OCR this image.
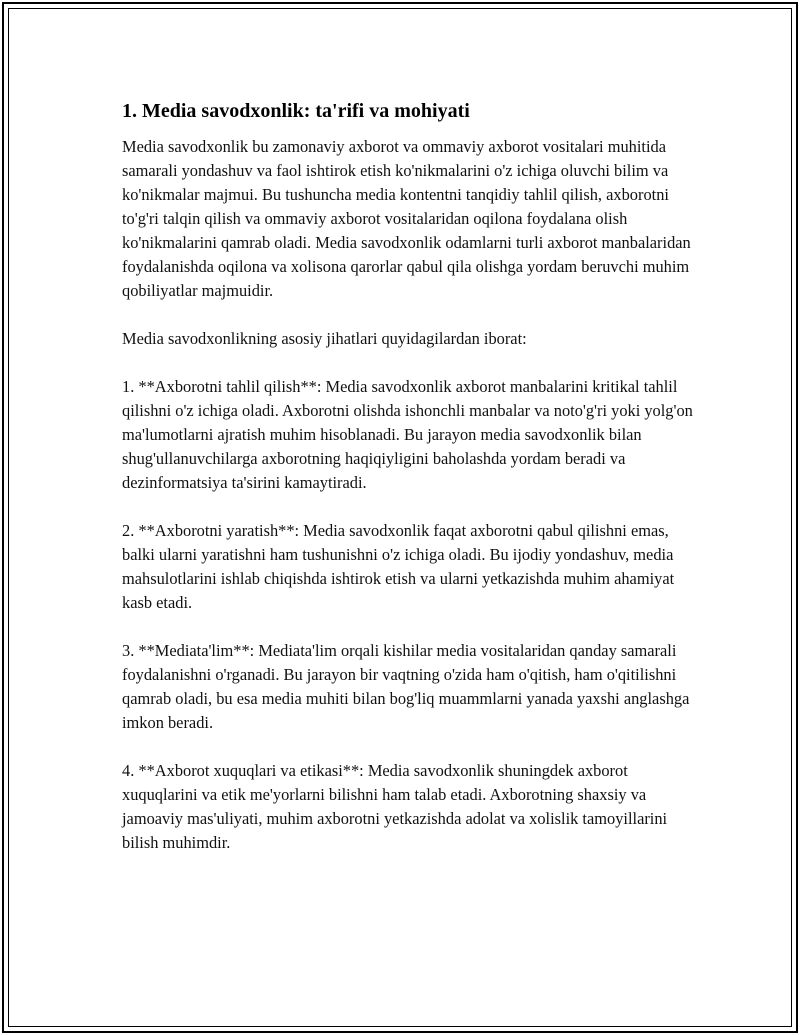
1. Media savodxonlik: ta'rifi va mohiyati

Media savodxonlik bu zamonaviy axborot va ommaviy axborot vositalari muhitida samarali yondashuv va faol ishtirok etish ko'nikmalarini o'z ichiga oluvchi bilim va ko'nikmalar majmui. Bu tushuncha media kontentni tanqidiy tahlil qilish, axborotni to'g'ri talqin qilish va ommaviy axborot vositalaridan oqilona foydalana olish ko'nikmalarini qamrab oladi. Media savodxonlik odamlarni turli axborot manbalaridan foydalanishda oqilona va xolisona qarorlar qabul qila olishga yordam beruvchi muhim qobiliyatlar majmuidir.

Media savodxonlikning asosiy jihatlari quyidagilardan iborat:

1. **Axborotni tahlil qilish**: Media savodxonlik axborot manbalarini kritikal tahlil qilishni o'z ichiga oladi. Axborotni olishda ishonchli manbalar va noto'g'ri yoki yolg'on ma'lumotlarni ajratish muhim hisoblanadi. Bu jarayon media savodxonlik bilan shug'ullanuvchilarga axborotning haqiqiyligini baholashda yordam beradi va dezinformatsiya ta'sirini kamaytiradi.

2. **Axborotni yaratish**: Media savodxonlik faqat axborotni qabul qilishni emas, balki ularni yaratishni ham tushunishni o'z ichiga oladi. Bu ijodiy yondashuv, media mahsulotlarini ishlab chiqishda ishtirok etish va ularni yetkazishda muhim ahamiyat kasb etadi.

3. **Mediata'lim**: Mediata'lim orqali kishilar media vositalaridan qanday samarali foydalanishni o'rganadi. Bu jarayon bir vaqtning o'zida ham o'qitish, ham o'qitilishni qamrab oladi, bu esa media muhiti bilan bog'liq muammlarni yanada yaxshi anglashga imkon beradi.

4. **Axborot xuquqlari va etikasi**: Media savodxonlik shuningdek axborot xuquqlarini va etik me'yorlarni bilishni ham talab etadi. Axborotning shaxsiy va jamoaviy mas'uliyati, muhim axborotni yetkazishda adolat va xolislik tamoyillarini bilish muhimdir.
